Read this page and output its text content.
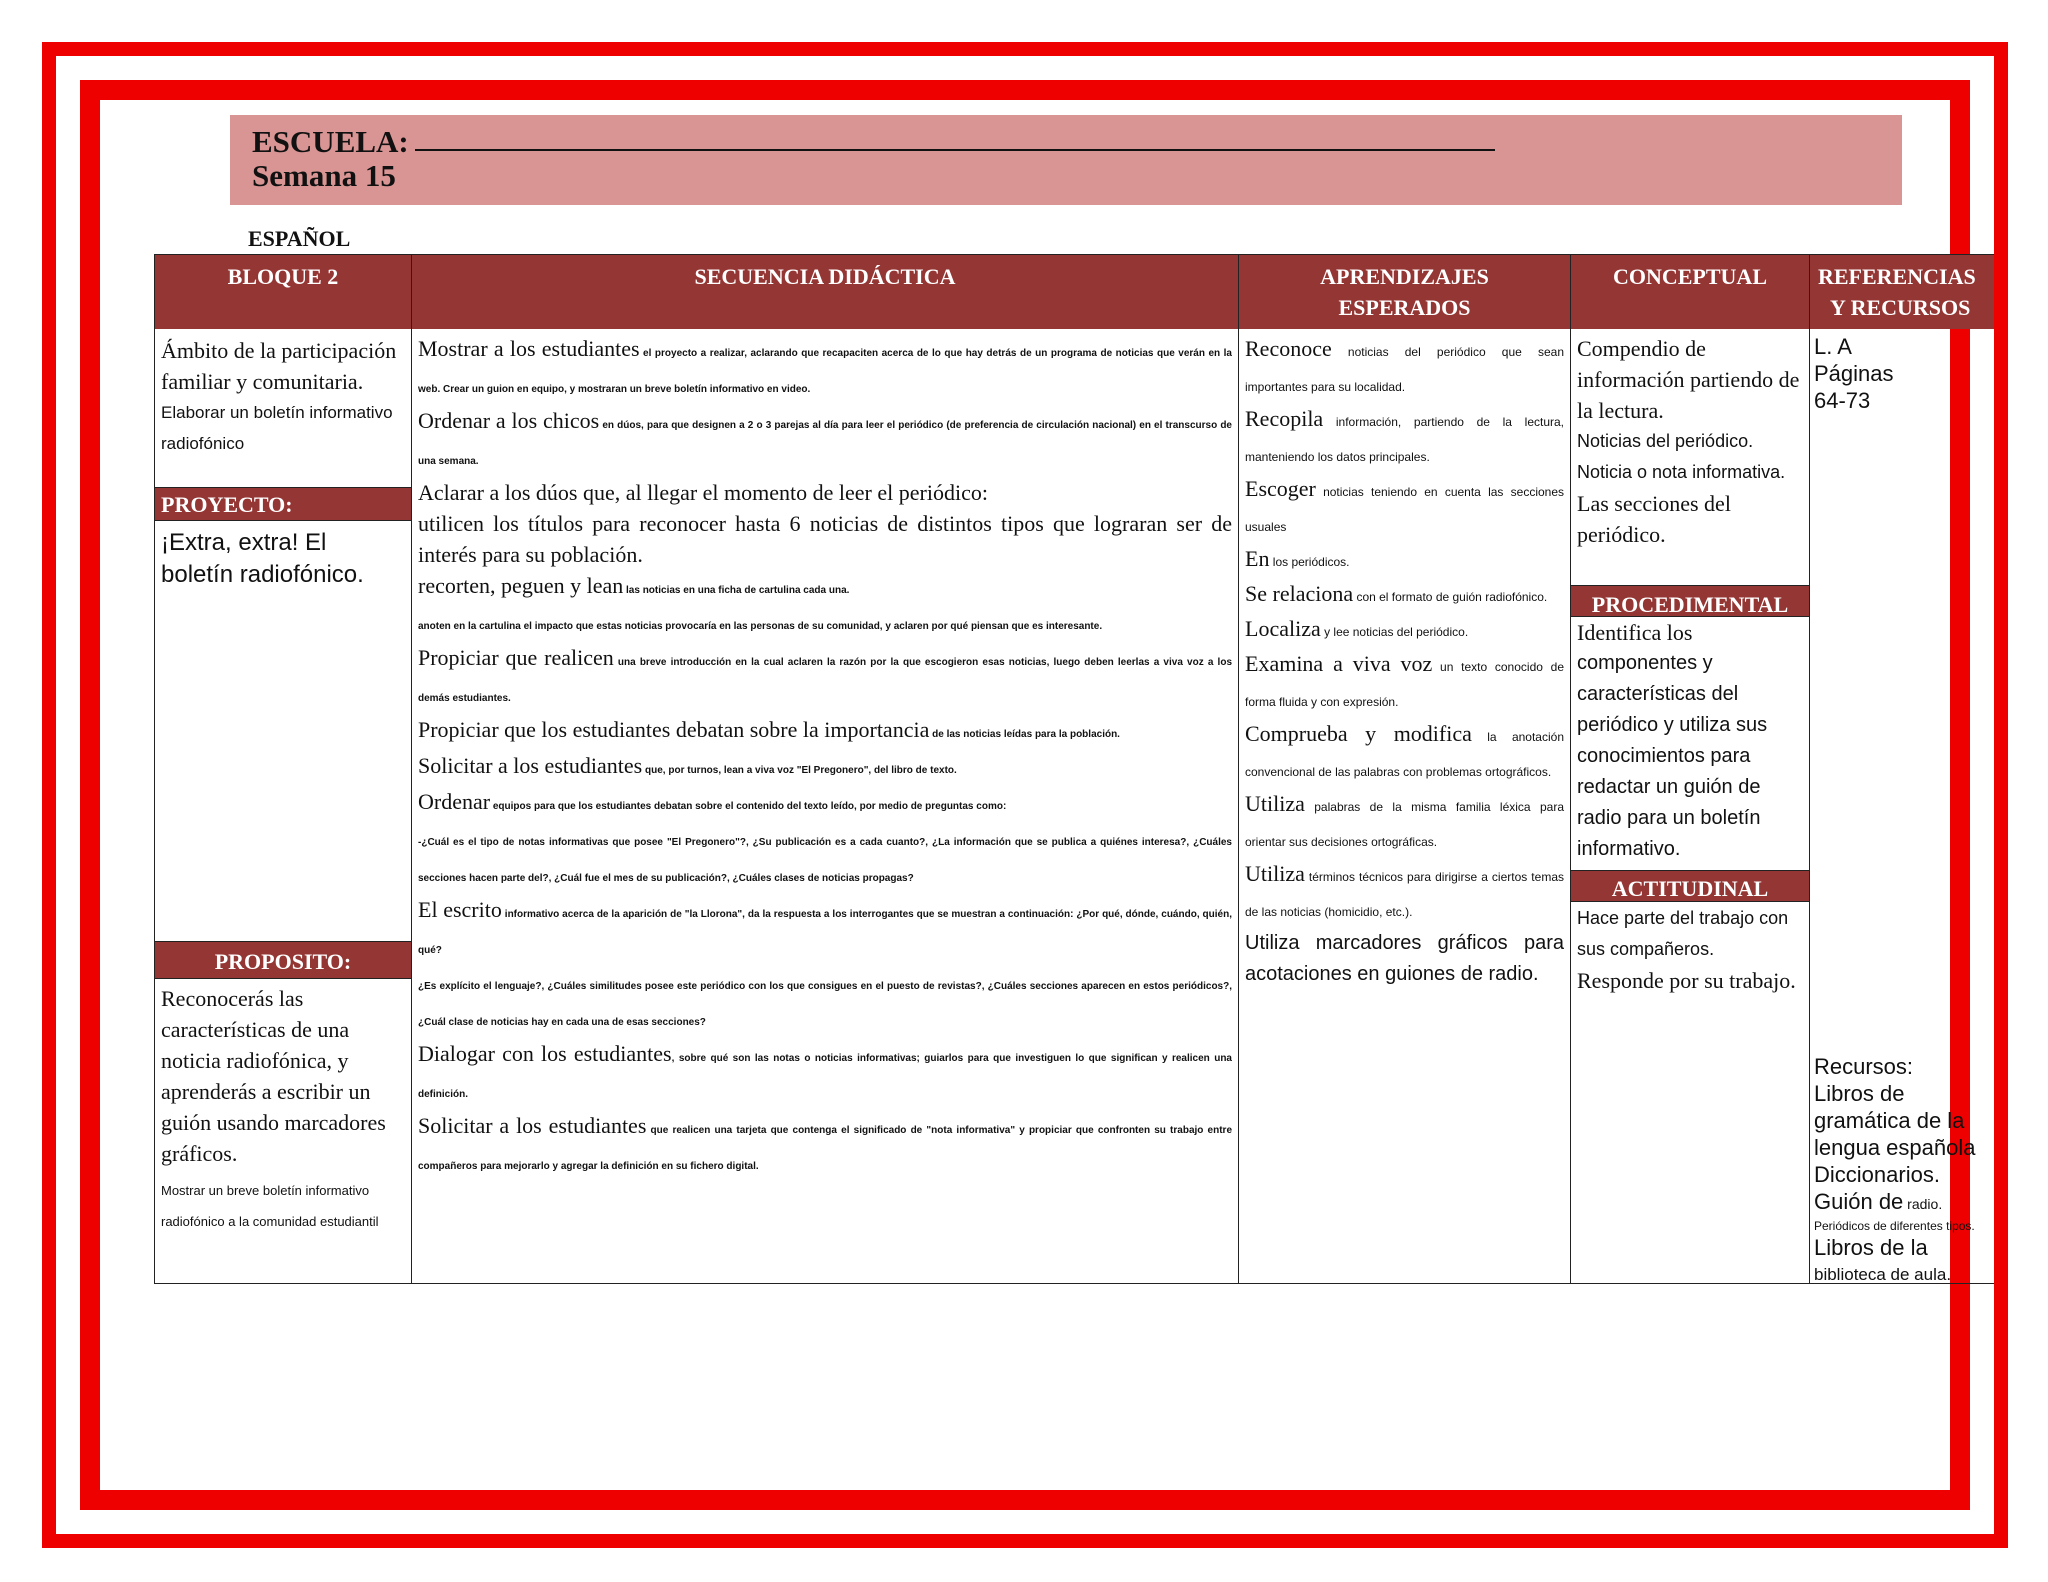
ESCUELA:
Semana 15
ESPAÑOL
BLOQUE 2
Ámbito de la participación familiar y comunitaria.
Elaborar un boletín informativo radiofónico
PROYECTO:
¡Extra, extra! El boletín radiofónico.
PROPOSITO:
Reconocerás las características de una noticia radiofónica, y aprenderás a escribir un guión usando marcadores gráficos.
Mostrar un breve boletín informativo radiofónico a la comunidad estudiantil
SECUENCIA DIDÁCTICA

Mostrar a los estudiantes el proyecto a realizar, aclarando que recapaciten acerca de lo que hay detrás de un programa de noticias que verán en la web. Crear un guion en equipo, y mostraran un breve boletín informativo en video.

Ordenar a los chicos en dúos, para que designen a 2 o 3 parejas al día para leer el periódico (de preferencia de circulación nacional) en el transcurso de una semana.

Aclarar a los dúos que, al llegar el momento de leer el periódico:

utilicen los títulos para reconocer hasta 6 noticias de distintos tipos que lograran ser de interés para su población.

recorten, peguen y lean las noticias en una ficha de cartulina cada una.

anoten en la cartulina el impacto que estas noticias provocaría en las personas de su comunidad, y aclaren por qué piensan que es interesante.

Propiciar que realicen una breve introducción en la cual aclaren la razón por la que escogieron esas noticias, luego deben leerlas a viva voz a los demás estudiantes.

Propiciar que los estudiantes debatan sobre la importancia de las noticias leídas para la población.

Solicitar a los estudiantes que, por turnos, lean a viva voz "El Pregonero", del libro de texto.

Ordenar equipos para que los estudiantes debatan sobre el contenido del texto leído, por medio de preguntas como:

-¿Cuál es el tipo de notas informativas que posee "El Pregonero"?, ¿Su publicación es a cada cuanto?, ¿La información que se publica a quiénes interesa?, ¿Cuáles secciones hacen parte del?, ¿Cuál fue el mes de su publicación?, ¿Cuáles clases de noticias propagas?

El escrito informativo acerca de la aparición de "la Llorona", da la respuesta a los interrogantes que se muestran a continuación: ¿Por qué, dónde, cuándo, quién, qué?

¿Es explícito el lenguaje?, ¿Cuáles similitudes posee este periódico con los que consigues en el puesto de revistas?, ¿Cuáles secciones aparecen en estos periódicos?, ¿Cuál clase de noticias hay en cada una de esas secciones?

Dialogar con los estudiantes, sobre qué son las notas o noticias informativas; guiarlos para que investiguen lo que significan y realicen una definición.

Solicitar a los estudiantes que realicen una tarjeta que contenga el significado de "nota informativa" y propiciar que confronten su trabajo entre compañeros para mejorarlo y agregar la definición en su fichero digital.

APRENDIZAJES
ESPERADOS

Reconoce noticias del periódico que sean importantes para su localidad.

Recopila información, partiendo de la lectura, manteniendo los datos principales.

Escoger noticias teniendo en cuenta las secciones usuales

En los periódicos.

Se relaciona con el formato de guión radiofónico.

Localiza y lee noticias del periódico.

Examina a viva voz un texto conocido de forma fluida y con expresión.

Comprueba y modifica la anotación convencional de las palabras con problemas ortográficos.

Utiliza palabras de la misma familia léxica para orientar sus decisiones ortográficas.

Utiliza términos técnicos para dirigirse a ciertos temas de las noticias (homicidio, etc.).

Utiliza marcadores gráficos para acotaciones en guiones de radio.

CONCEPTUAL
Compendio de información partiendo de la lectura.
Noticias del periódico.
Noticia o nota informativa.
Las secciones del periódico.
PROCEDIMENTAL
Identifica los
componentes y características del periódico y utiliza sus conocimientos para redactar un guión de radio para un boletín informativo.
ACTITUDINAL
Hace parte del trabajo con sus compañeros.
Responde por su trabajo.
REFERENCIAS
Y RECURSOS
L. A
Páginas
64-73
Recursos:
Libros de gramática de la lengua española
Diccionarios.
Guión de radio.
Periódicos de diferentes tipos.
Libros de la
biblioteca de aula.
